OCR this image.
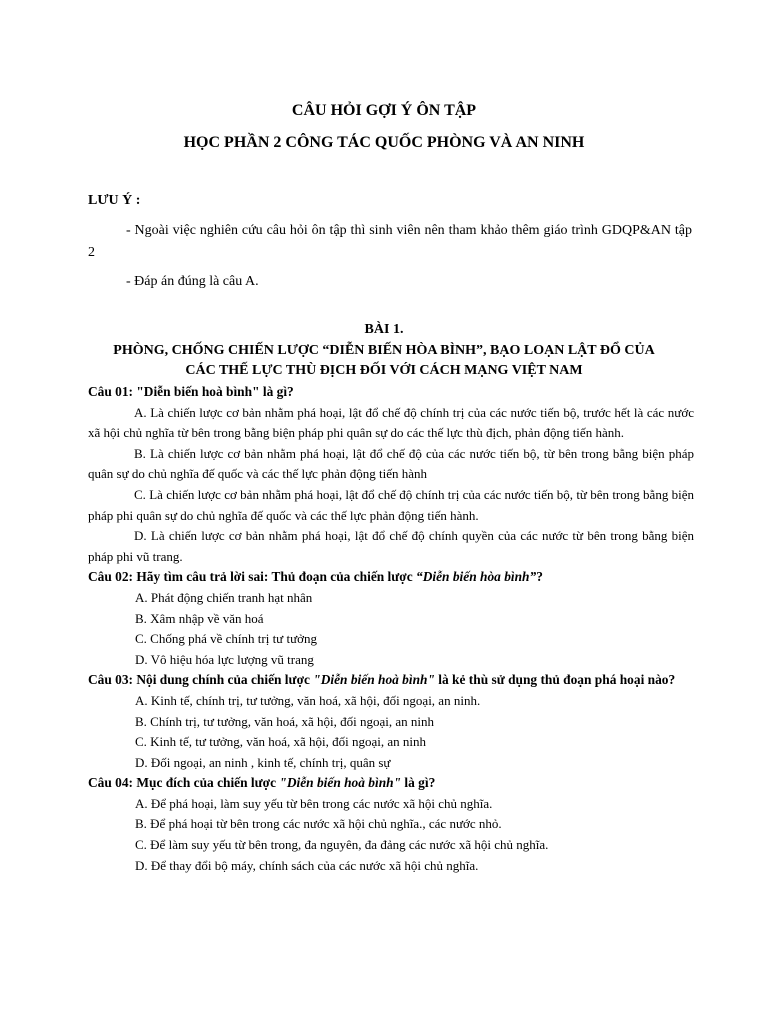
CÂU HỎI GỢI Ý ÔN TẬP
HỌC PHẦN 2 CÔNG TÁC QUỐC PHÒNG VÀ AN NINH
LƯU Ý :
- Ngoài việc nghiên cứu câu hỏi ôn tập thì sinh viên nên tham khảo thêm giáo trình GDQP&AN tập 2
- Đáp án đúng là câu A.
BÀI 1.
PHÒNG, CHỐNG CHIẾN LƯỢC “DIỄN BIẾN HÒA BÌNH”, BẠO LOẠN LẬT ĐỔ CỦA
CÁC THẾ LỰC THÙ ĐỊCH ĐỐI VỚI CÁCH MẠNG VIỆT NAM

Câu 01: "Diễn biến hoà bình" là gì?

A. Là chiến lược cơ bản nhằm phá hoại, lật đổ chế độ chính trị của các nước tiến bộ, trước hết là các nước xã hội chủ nghĩa từ bên trong bằng biện pháp phi quân sự do các thế lực thù địch, phản động tiến hành.

B. Là chiến lược cơ bản nhằm phá hoại, lật đổ chế độ của các nước tiến bộ, từ bên trong bằng biện pháp quân sự do chủ nghĩa đế quốc và các thế lực phản động tiến hành

C. Là chiến lược cơ bản nhằm phá hoại, lật đổ chế độ chính trị của các nước tiến bộ, từ bên trong bằng biện pháp phi quân sự do chủ nghĩa đế quốc và các thế lực phản động tiến hành.

D. Là chiến lược cơ bản nhằm phá hoại, lật đổ chế độ chính quyền của các nước từ bên trong bằng biện pháp phi vũ trang.

Câu 02: Hãy tìm câu trả lời sai: Thủ đoạn của chiến lược “Diễn biến hòa bình”?

A. Phát động chiến tranh hạt nhân

B. Xâm nhập về văn hoá

C. Chống phá về chính trị tư tưởng

D. Vô hiệu hóa lực lượng vũ trang

Câu 03: Nội dung chính của chiến lược "Diễn biến hoà bình" là kẻ thù sử dụng thủ đoạn phá hoại nào?

A. Kinh tế, chính trị, tư tưởng, văn hoá, xã hội, đối ngoại, an ninh.

B. Chính trị, tư tưởng, văn hoá, xã hội, đối ngoại, an ninh

C. Kinh tế, tư tưởng, văn hoá, xã hội, đối ngoại, an ninh

D. Đối ngoại, an ninh , kinh tế, chính trị, quân sự

Câu 04: Mục đích của chiến lược "Diễn biến hoà bình" là gì?

A. Để phá hoại, làm suy yếu từ bên trong các nước xã hội chủ nghĩa.

B. Để phá hoại từ bên trong các nước xã hội chủ nghĩa., các nước nhỏ.

C. Để làm suy yếu từ bên trong, đa nguyên, đa đảng các nước xã hội chủ nghĩa.

D. Để thay đổi bộ máy, chính sách của các nước xã hội chủ nghĩa.
